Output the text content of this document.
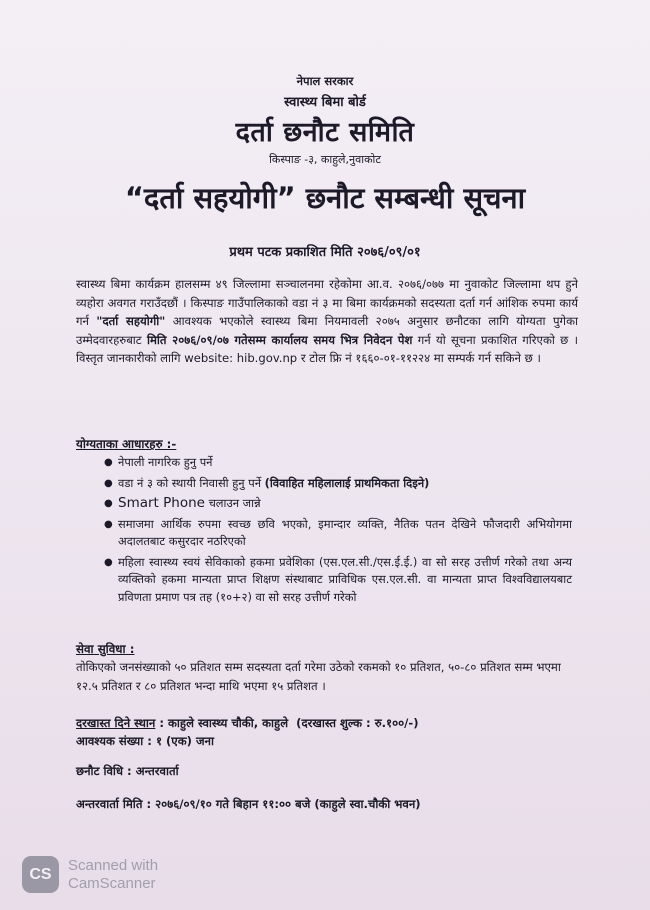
नेपाल सरकार
स्वास्थ्य बिमा बोर्ड
दर्ता छनौट समिति
किस्पाङ -३, काहुले,नुवाकोट
“दर्ता सहयोगी” छनौट सम्बन्धी सूचना
प्रथम पटक प्रकाशित मिति २०७६/०९/०१
स्वास्थ्य बिमा कार्यक्रम हालसम्म ४९ जिल्लामा सञ्चालनमा रहेकोमा आ.व. २०७६/०७७ मा नुवाकोट जिल्लामा थप हुने व्यहोरा अवगत गराउँदछौं । किस्पाङ गाउँपालिकाको वडा नं ३ मा बिमा कार्यक्रमको सदस्यता दर्ता गर्न आंशिक रुपमा कार्य गर्न "दर्ता सहयोगी" आवश्यक भएकोले स्वास्थ्य बिमा नियमावली २०७५ अनुसार छनौटका लागि योग्यता पुगेका उम्मेदवारहरुबाट मिति २०७६/०९/०७ गतेसम्म कार्यालय समय भित्र निवेदन पेश गर्न यो सूचना प्रकाशित गरिएको छ । विस्तृत जानकारीको लागि website: hib.gov.np र टोल फ्रि नं १६६०-०१-११२२४ मा सम्पर्क गर्न सकिने छ ।
योग्यताका आधारहरु :-
● नेपाली नागरिक हुनु पर्ने
● वडा नं ३ को स्थायी निवासी हुनु पर्ने (विवाहित महिलालाई प्राथमिकता दिइने)
● Smart Phone चलाउन जान्ने
● समाजमा आर्थिक रुपमा स्वच्छ छवि भएको, इमान्दार व्यक्ति, नैतिक पतन देखिने फौजदारी अभियोगमा अदालतबाट कसुरदार नठरिएको
● महिला स्वास्थ्य स्वयं सेविकाको हकमा प्रवेशिका (एस.एल.सी./एस.ई.ई.) वा सो सरह उत्तीर्ण गरेको तथा अन्य व्यक्तिको हकमा मान्यता प्राप्त शिक्षण संस्थाबाट प्राविधिक एस.एल.सी. वा मान्यता प्राप्त विश्वविद्यालयबाट प्रविणता प्रमाण पत्र तह (१०+२) वा सो सरह उत्तीर्ण गरेको
सेवा सुविधा :
तोकिएको जनसंख्याको ५० प्रतिशत सम्म सदस्यता दर्ता गरेमा उठेको रकमको १० प्रतिशत, ५०-८० प्रतिशत सम्म भएमा १२.५ प्रतिशत र ८० प्रतिशत भन्दा माथि भएमा १५ प्रतिशत ।
दरखास्त दिने स्थान : काहुले स्वास्थ्य चौकी, काहुले (दरखास्त शुल्क : रु.१००/-)
आवश्यक संख्या : १ (एक) जना
छनौट विधि : अन्तरवार्ता
अन्तरवार्ता मिति : २०७६/०९/१० गते बिहान ११:०० बजे (काहुले स्वा.चौकी भवन)
CS
Scanned with
CamScanner
